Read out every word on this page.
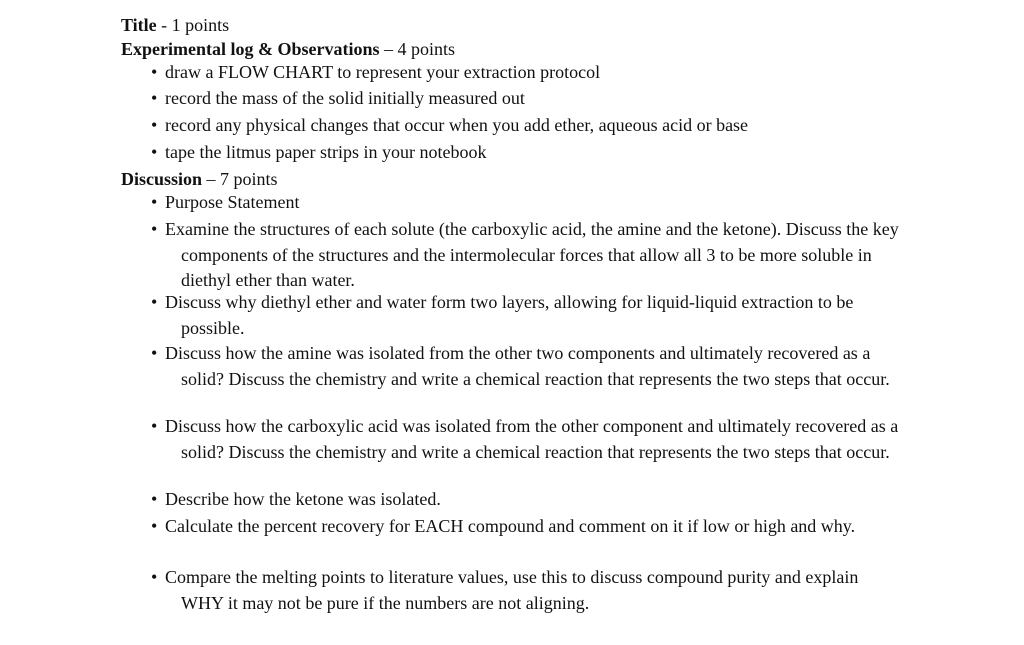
Title - 1 points
Experimental log & Observations – 4 points
• draw a FLOW CHART to represent your extraction protocol
• record the mass of the solid initially measured out
• record any physical changes that occur when you add ether, aqueous acid or base
• tape the litmus paper strips in your notebook
Discussion – 7 points
• Purpose Statement
• Examine the structures of each solute (the carboxylic acid, the amine and the ketone). Discuss the key components of the structures and the intermolecular forces that allow all 3 to be more soluble in diethyl ether than water.
• Discuss why diethyl ether and water form two layers, allowing for liquid-liquid extraction to be possible.
• Discuss how the amine was isolated from the other two components and ultimately recovered as a solid? Discuss the chemistry and write a chemical reaction that represents the two steps that occur.
• Discuss how the carboxylic acid was isolated from the other component and ultimately recovered as a solid? Discuss the chemistry and write a chemical reaction that represents the two steps that occur.
• Describe how the ketone was isolated.
• Calculate the percent recovery for EACH compound and comment on it if low or high and why.
• Compare the melting points to literature values, use this to discuss compound purity and explain WHY it may not be pure if the numbers are not aligning.
